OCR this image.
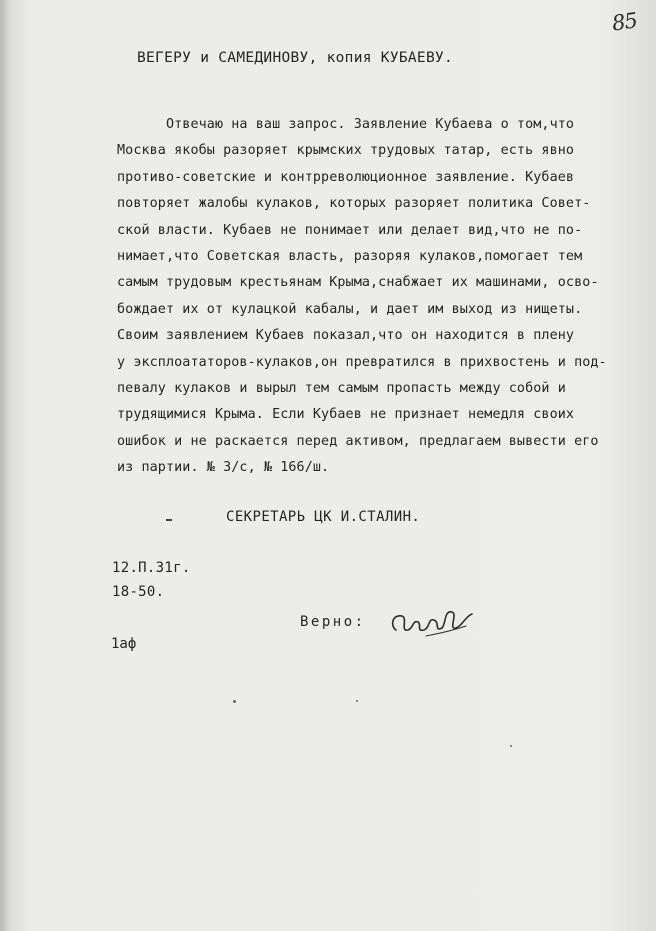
85
ВЕГЕРУ и САМЕДИНОВУ, копия КУБАЕВУ.
Отвечаю на ваш запрос. Заявление Кубаева о том,что
Москва якобы разоряет крымских трудовых татар, есть явно
противо-советские и контрреволюционное заявление. Кубаев
повторяет жалобы кулаков, которых разоряет политика Совет-
ской власти. Кубаев не понимает или делает вид,что не по-
нимает,что Советская власть, разоряя кулаков,помогает тем
самым трудовым крестьянам Крыма,снабжает их машинами, осво-
бождает их от кулацкой кабалы, и дает им выход из нищеты.
Своим заявлением Кубаев показал,что он находится в плену
у эксплоататоров-кулаков,он превратился в прихвостень и под-
певалу кулаков и вырыл тем самым пропасть между собой и
трудящимися Крыма. Если Кубаев не признает немедля своих
ошибок и не раскается перед активом, предлагаем вывести его
из партии. № 3/с, № 166/ш.
СЕКРЕТАРЬ ЦК И.СТАЛИН.
12.П.31г.
18-50.
Верно:
1аф
